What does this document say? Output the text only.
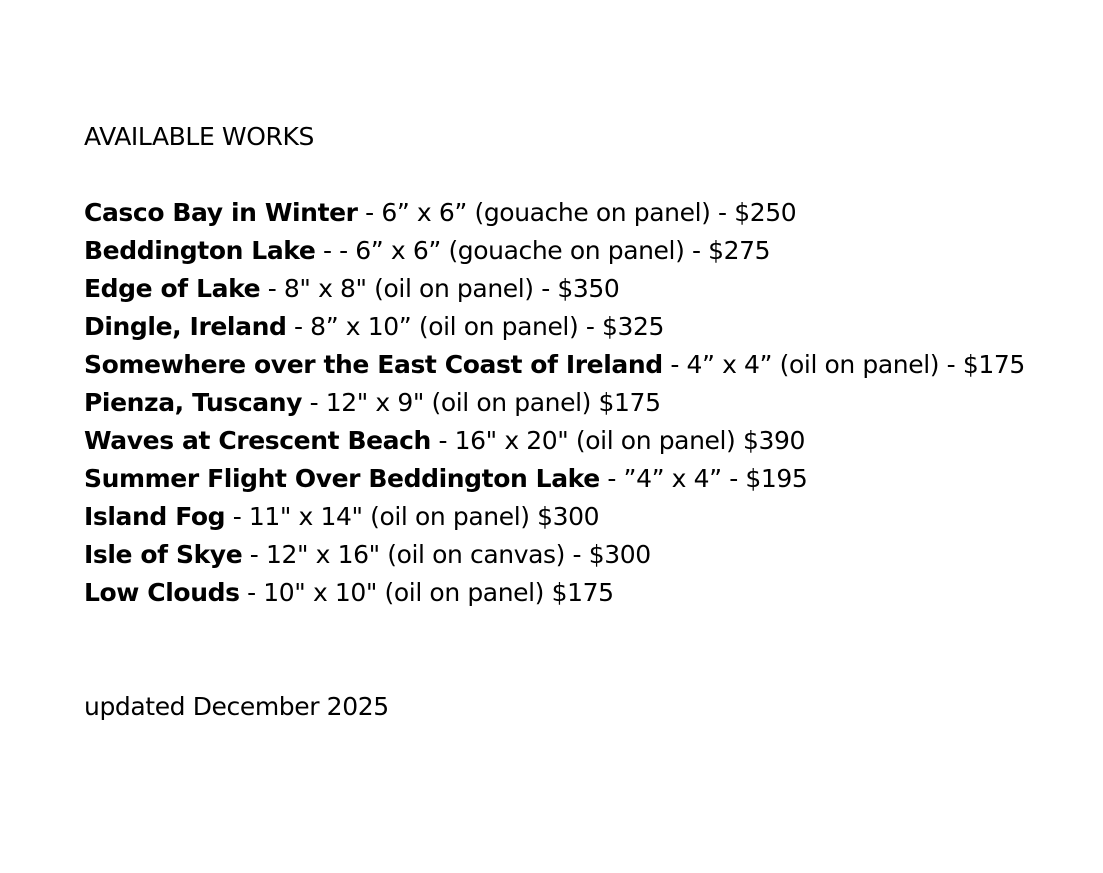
AVAILABLE WORKS
Casco Bay in Winter - 6” x 6” (gouache on panel) - $250
Beddington Lake - - 6” x 6” (gouache on panel) - $275
Edge of Lake - 8" x 8" (oil on panel) - $350
Dingle, Ireland - 8” x 10” (oil on panel) - $325
Somewhere over the East Coast of Ireland - 4” x 4” (oil on panel) - $175
Pienza, Tuscany - 12" x 9" (oil on panel) $175
Waves at Crescent Beach - 16" x 20" (oil on panel) $390
Summer Flight Over Beddington Lake - ”4” x 4” - $195
Island Fog - 11" x 14" (oil on panel) $300
Isle of Skye - 12" x 16" (oil on canvas) - $300
Low Clouds - 10" x 10" (oil on panel) $175
updated December 2025
